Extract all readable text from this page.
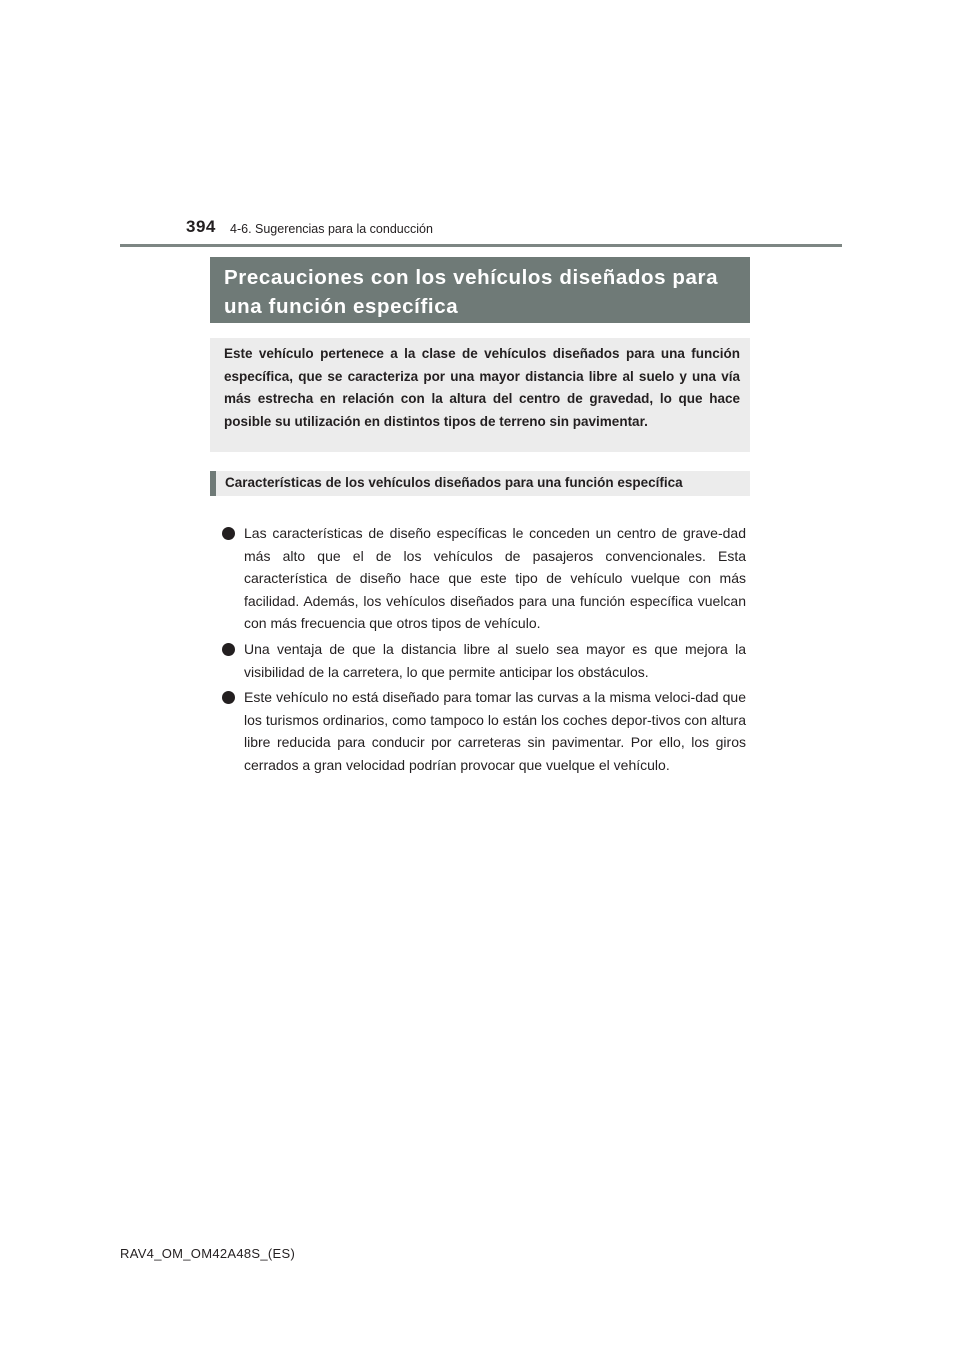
394 4-6. Sugerencias para la conducción
Precauciones con los vehículos diseñados para una función específica
Este vehículo pertenece a la clase de vehículos diseñados para una función específica, que se caracteriza por una mayor distancia libre al suelo y una vía más estrecha en relación con la altura del centro de gravedad, lo que hace posible su utilización en distintos tipos de terreno sin pavimentar.
Características de los vehículos diseñados para una función específica
Las características de diseño específicas le conceden un centro de grave-dad más alto que el de los vehículos de pasajeros convencionales. Esta característica de diseño hace que este tipo de vehículo vuelque con más facilidad. Además, los vehículos diseñados para una función específica vuelcan con más frecuencia que otros tipos de vehículo.
Una ventaja de que la distancia libre al suelo sea mayor es que mejora la visibilidad de la carretera, lo que permite anticipar los obstáculos.
Este vehículo no está diseñado para tomar las curvas a la misma veloci-dad que los turismos ordinarios, como tampoco lo están los coches depor-tivos con altura libre reducida para conducir por carreteras sin pavimentar. Por ello, los giros cerrados a gran velocidad podrían provocar que vuelque el vehículo.
RAV4_OM_OM42A48S_(ES)
